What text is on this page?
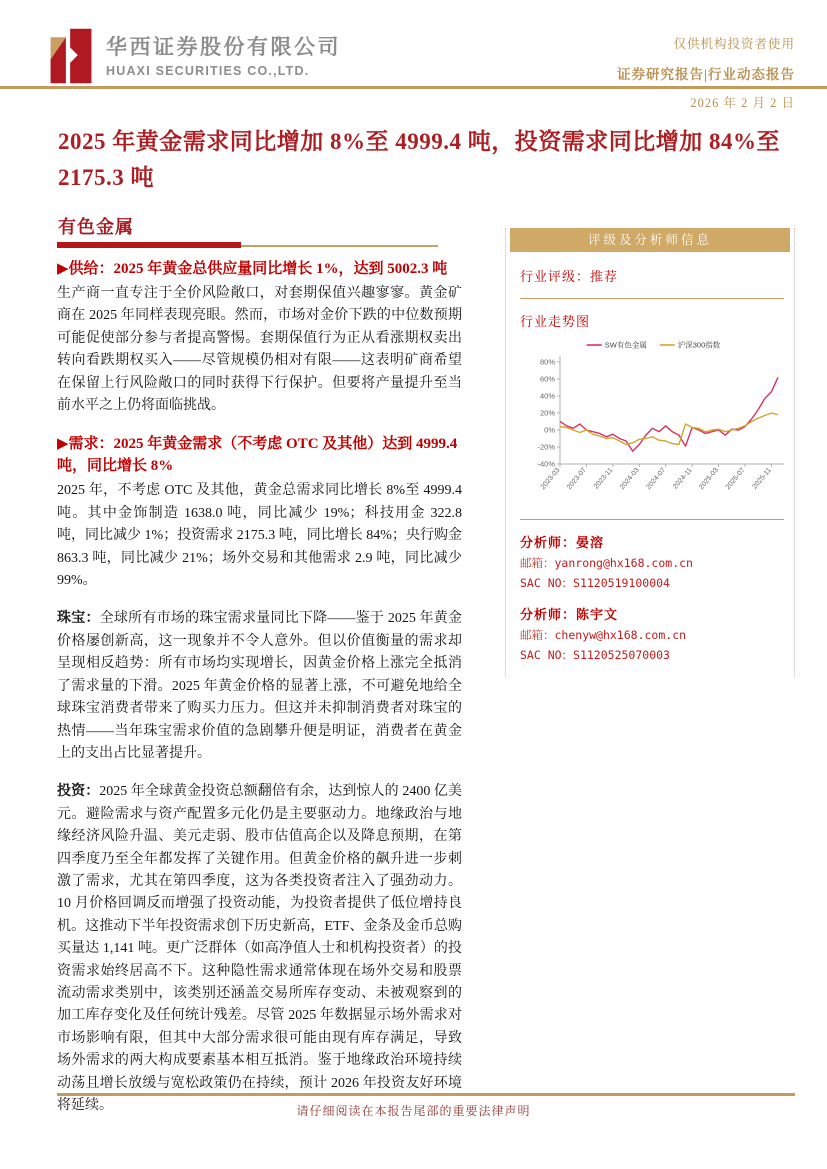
华西证券股份有限公司
HUAXI SECURITIES CO.,LTD.
仅供机构投资者使用
证券研究报告|行业动态报告
2026 年 2 月 2 日
2025 年黄金需求同比增加 8%至 4999.4 吨，投资需求同比增加 84%至 2175.3 吨
有色金属
▶供给：2025 年黄金总供应量同比增长 1%，达到 5002.3 吨
生产商一直专注于全价风险敞口，对套期保值兴趣寥寥。黄金矿商在 2025 年同样表现亮眼。然而，市场对金价下跌的中位数预期可能促使部分参与者提高警惕。套期保值行为正从看涨期权卖出转向看跌期权买入——尽管规模仍相对有限——这表明矿商希望在保留上行风险敞口的同时获得下行保护。但要将产量提升至当前水平之上仍将面临挑战。
▶需求：2025 年黄金需求（不考虑 OTC 及其他）达到 4999.4 吨，同比增长 8%
2025 年，不考虑 OTC 及其他，黄金总需求同比增长 8%至 4999.4 吨。其中金饰制造 1638.0 吨，同比减少 19%；科技用金 322.8 吨，同比减少 1%；投资需求 2175.3 吨，同比增长 84%；央行购金 863.3 吨，同比减少 21%；场外交易和其他需求 2.9 吨，同比减少 99%。

珠宝：全球所有市场的珠宝需求量同比下降——鉴于 2025 年黄金价格屡创新高，这一现象并不令人意外。但以价值衡量的需求却呈现相反趋势：所有市场均实现增长，因黄金价格上涨完全抵消了需求量的下滑。2025 年黄金价格的显著上涨，不可避免地给全球珠宝消费者带来了购买力压力。但这并未抑制消费者对珠宝的热情——当年珠宝需求价值的急剧攀升便是明证，消费者在黄金上的支出占比显著提升。

投资：2025 年全球黄金投资总额翻倍有余，达到惊人的 2400 亿美元。避险需求与资产配置多元化仍是主要驱动力。地缘政治与地缘经济风险升温、美元走弱、股市估值高企以及降息预期，在第四季度乃至全年都发挥了关键作用。但黄金价格的飙升进一步刺激了需求，尤其在第四季度，这为各类投资者注入了强劲动力。10 月价格回调反而增强了投资动能，为投资者提供了低位增持良机。这推动下半年投资需求创下历史新高，ETF、金条及金币总购买量达 1,141 吨。更广泛群体（如高净值人士和机构投资者）的投资需求始终居高不下。这种隐性需求通常体现在场外交易和股票流动需求类别中，该类别还涵盖交易所库存变动、未被观察到的加工库存变化及任何统计残差。尽管 2025 年数据显示场外需求对市场影响有限，但其中大部分需求很可能由现有库存满足，导致场外需求的两大构成要素基本相互抵消。鉴于地缘政治环境持续动荡且增长放缓与宽松政策仍在持续，预计 2026 年投资友好环境将延续。

评级及分析师信息
行业评级：推荐
行业走势图
80%
60%
40%
20%
0%
-20%
-40%
2023-03 2023-07 2023-11 2024-03 2024-07 2024-11 2025-03 2025-07 2025-11
SW有色金属	沪深300指数
分析师：晏溶
邮箱：yanrong@hx168.com.cn
SAC NO：S1120519100004
分析师：陈宇文
邮箱：chenyw@hx168.com.cn
SAC NO：S1120525070003
请仔细阅读在本报告尾部的重要法律声明
